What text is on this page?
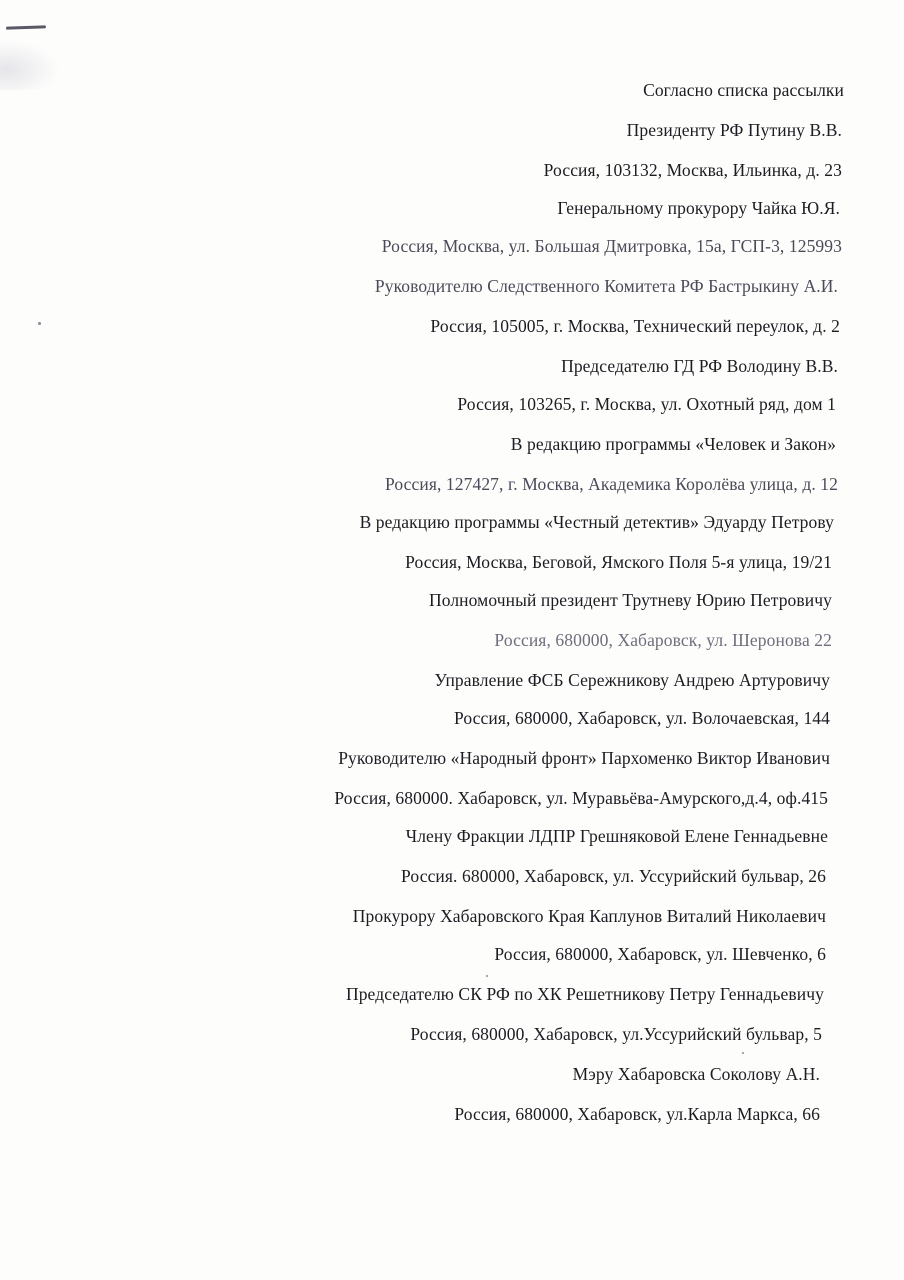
Согласно списка рассылки
Президенту РФ Путину В.В.
Россия, 103132, Москва, Ильинка, д. 23
Генеральному прокурору Чайка Ю.Я.
Россия, Москва, ул. Большая Дмитровка, 15а, ГСП-3, 125993
Руководителю Следственного Комитета РФ Бастрыкину А.И.
Россия, 105005, г. Москва, Технический переулок, д. 2
Председателю ГД РФ Володину В.В.
Россия, 103265, г. Москва, ул. Охотный ряд, дом 1
В редакцию программы «Человек и Закон»
Россия, 127427, г. Москва, Академика Королёва улица, д. 12
В редакцию программы «Честный детектив» Эдуарду Петрову
Россия, Москва, Беговой, Ямского Поля 5-я улица, 19/21
Полномочный президент Трутневу Юрию Петровичу
Россия, 680000, Хабаровск, ул. Шеронова 22
Управление ФСБ Сережникову Андрею Артуровичу
Россия, 680000, Хабаровск, ул. Волочаевская, 144
Руководителю «Народный фронт» Пархоменко Виктор Иванович
Россия, 680000. Хабаровск, ул. Муравьёва-Амурского,д.4, оф.415
Члену Фракции ЛДПР Грешняковой Елене Геннадьевне
Россия. 680000, Хабаровск, ул. Уссурийский бульвар, 26
Прокурору Хабаровского Края Каплунов Виталий Николаевич
Россия, 680000, Хабаровск, ул. Шевченко, 6
Председателю СК РФ по ХК Решетникову Петру Геннадьевичу
Россия, 680000, Хабаровск, ул.Уссурийский бульвар, 5
Мэру Хабаровска Соколову А.Н.
Россия, 680000, Хабаровск, ул.Карла Маркса, 66
